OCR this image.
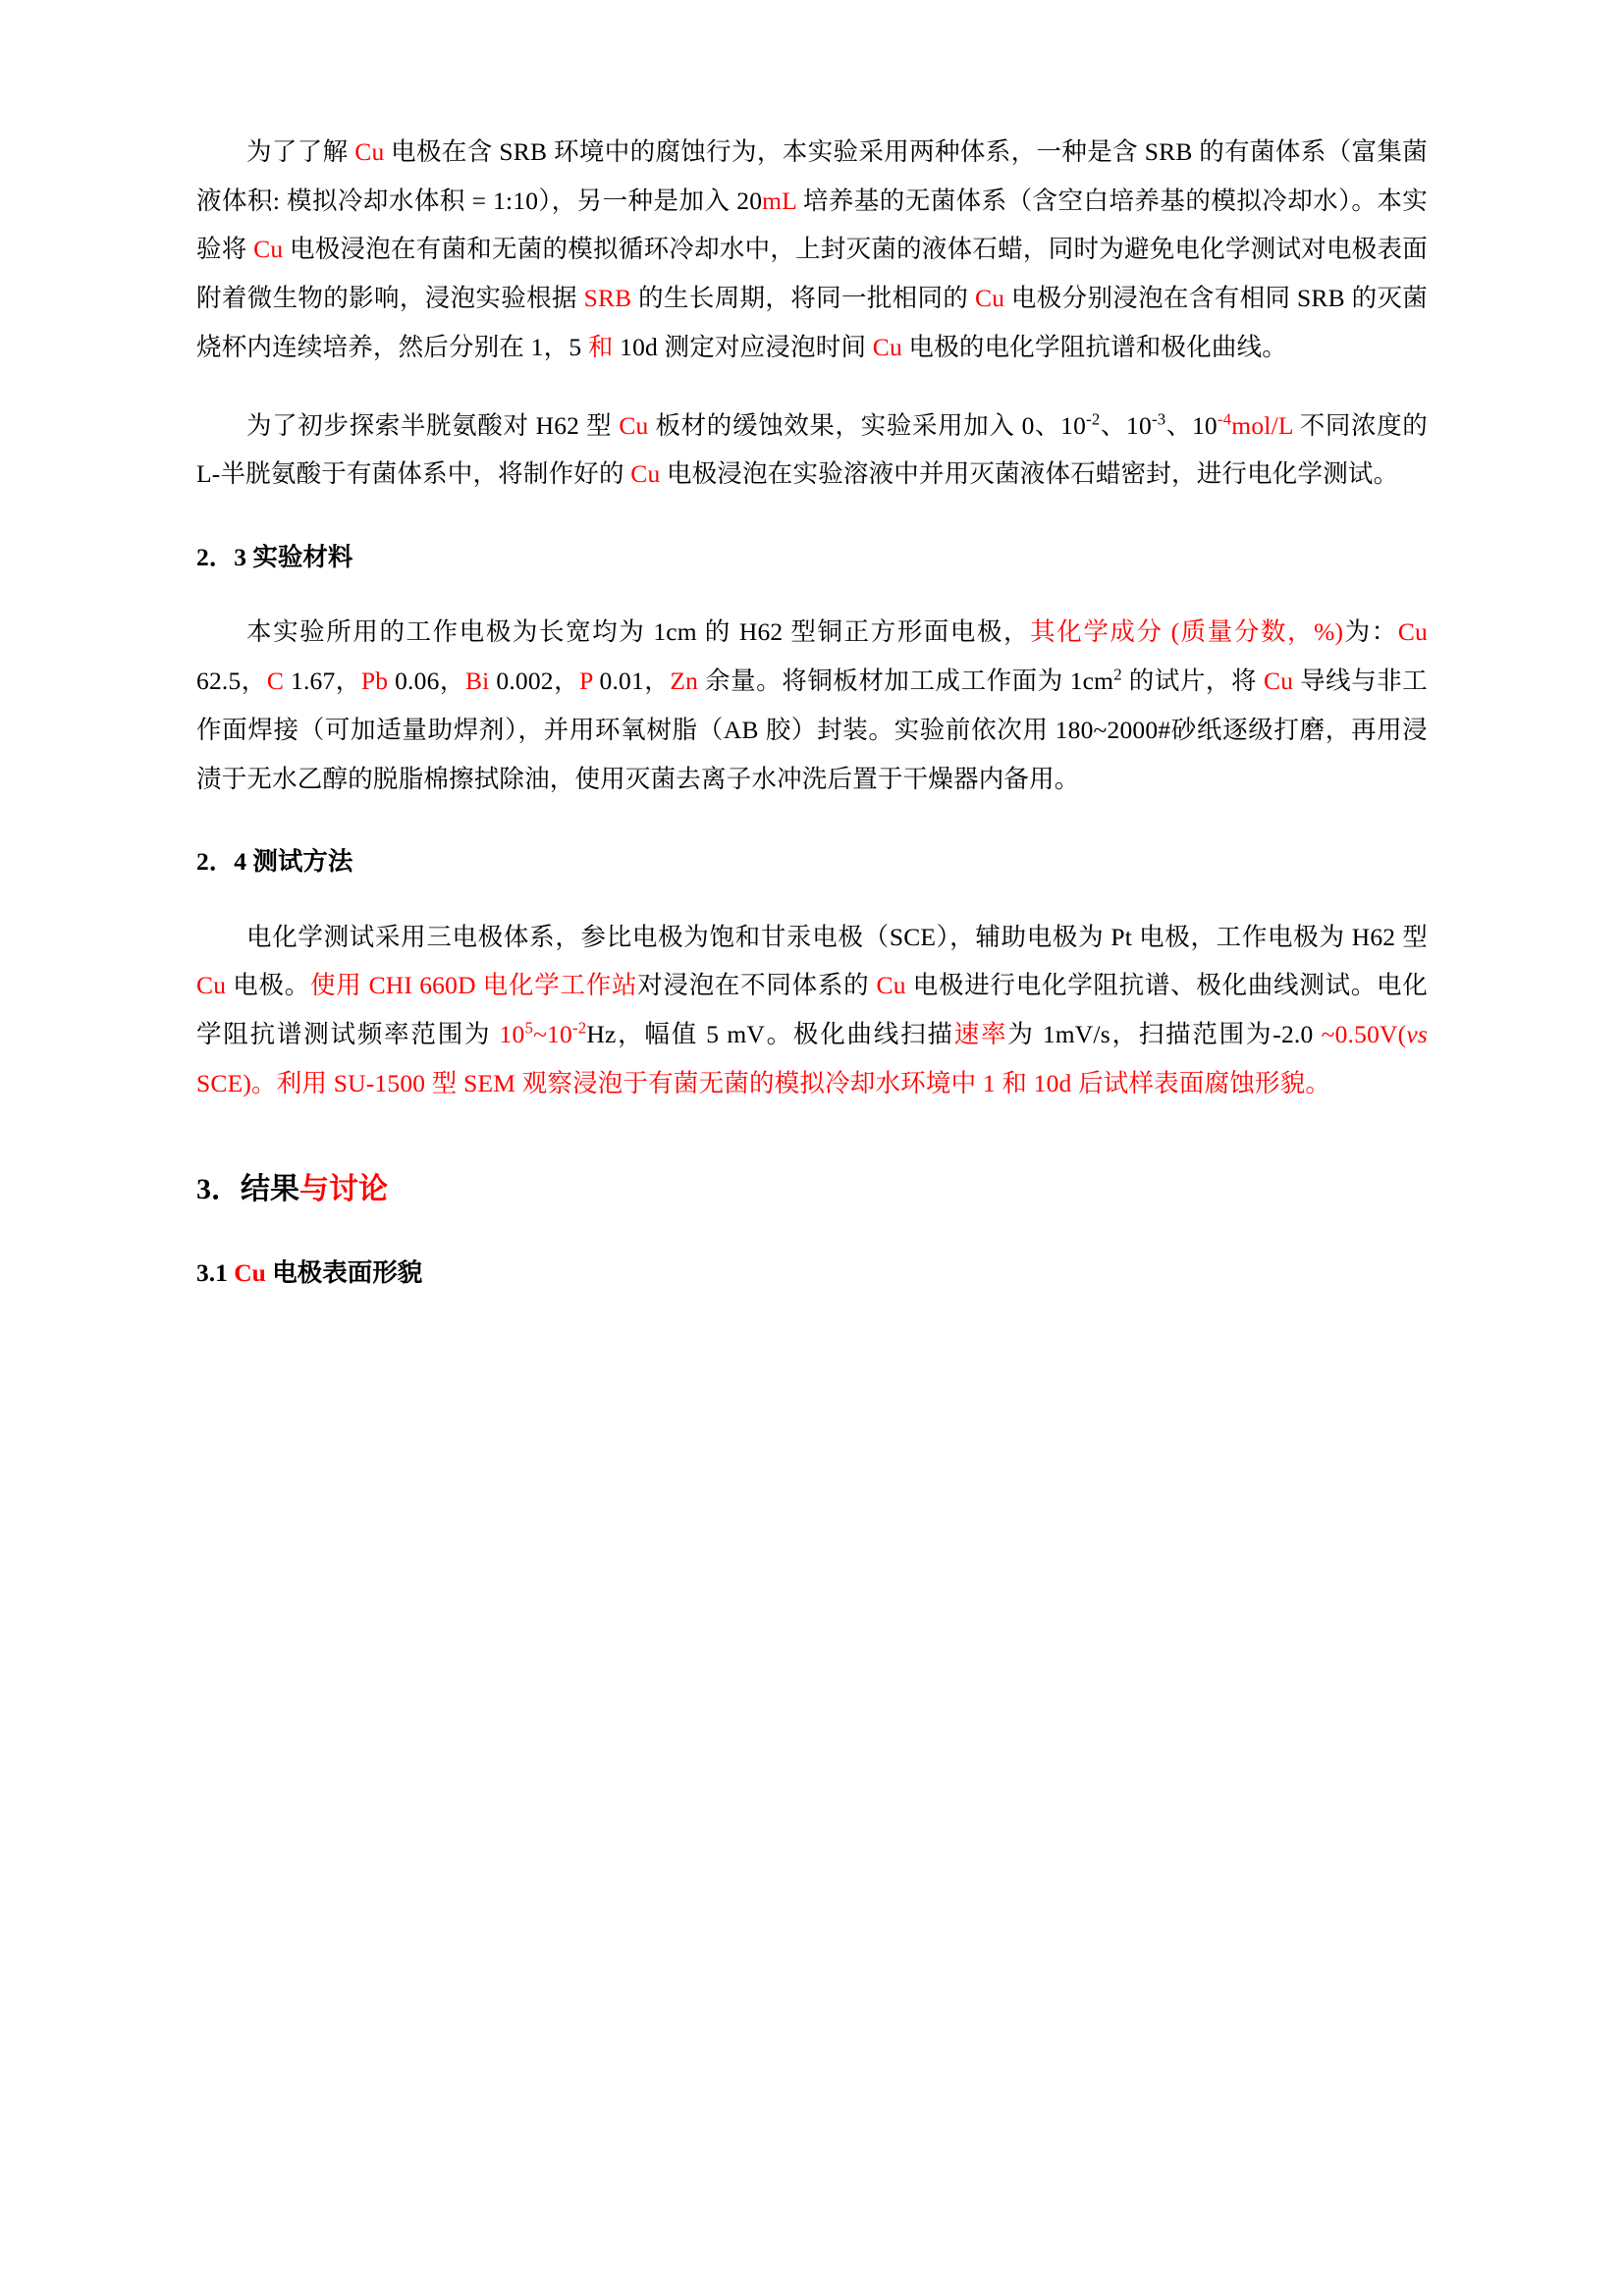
为了了解 Cu 电极在含 SRB 环境中的腐蚀行为，本实验采用两种体系，一种是含 SRB 的有菌体系（富集菌液体积: 模拟冷却水体积 = 1:10），另一种是加入 20mL 培养基的无菌体系（含空白培养基的模拟冷却水）。本实验将 Cu 电极浸泡在有菌和无菌的模拟循环冷却水中，上封灭菌的液体石蜡，同时为避免电化学测试对电极表面附着微生物的影响，浸泡实验根据 SRB 的生长周期，将同一批相同的 Cu 电极分别浸泡在含有相同 SRB 的灭菌烧杯内连续培养，然后分别在 1，5 和 10d 测定对应浸泡时间 Cu 电极的电化学阻抗谱和极化曲线。

为了初步探索半胱氨酸对 H62 型 Cu 板材的缓蚀效果，实验采用加入 0、$10^{-2}$、$10^{-3}$、$10^{-4}mol/L$ 不同浓度的 L-半胱氨酸于有菌体系中，将制作好的 Cu 电极浸泡在实验溶液中并用灭菌液体石蜡密封，进行电化学测试。

2．3 实验材料

本实验所用的工作电极为长宽均为 1cm 的 H62 型铜正方形面电极，其化学成分 (质量分数，%)为：Cu 62.5，C 1.67，Pb 0.06，Bi 0.002，P 0.01，Zn 余量。将铜板材加工成工作面为 $1cm^2$ 的试片，将 Cu 导线与非工作面焊接（可加适量助焊剂），并用环氧树脂（AB 胶）封装。实验前依次用 180~2000#砂纸逐级打磨，再用浸渍于无水乙醇的脱脂棉擦拭除油，使用灭菌去离子水冲洗后置于干燥器内备用。

2．4 测试方法

电化学测试采用三电极体系，参比电极为饱和甘汞电极（SCE），辅助电极为 Pt 电极，工作电极为 H62 型 Cu 电极。使用 CHI 660D 电化学工作站对浸泡在不同体系的 Cu 电极进行电化学阻抗谱、极化曲线测试。电化学阻抗谱测试频率范围为 $10^5\sim 10^{-2}Hz$，幅值 5 mV。极化曲线扫描速率为 1mV/s，扫描范围为-2.0 ~0.50V(vs SCE)。利用 SU-1500 型 SEM 观察浸泡于有菌无菌的模拟冷却水环境中 1 和 10d 后试样表面腐蚀形貌。

3．结果与讨论
3.1 Cu 电极表面形貌
